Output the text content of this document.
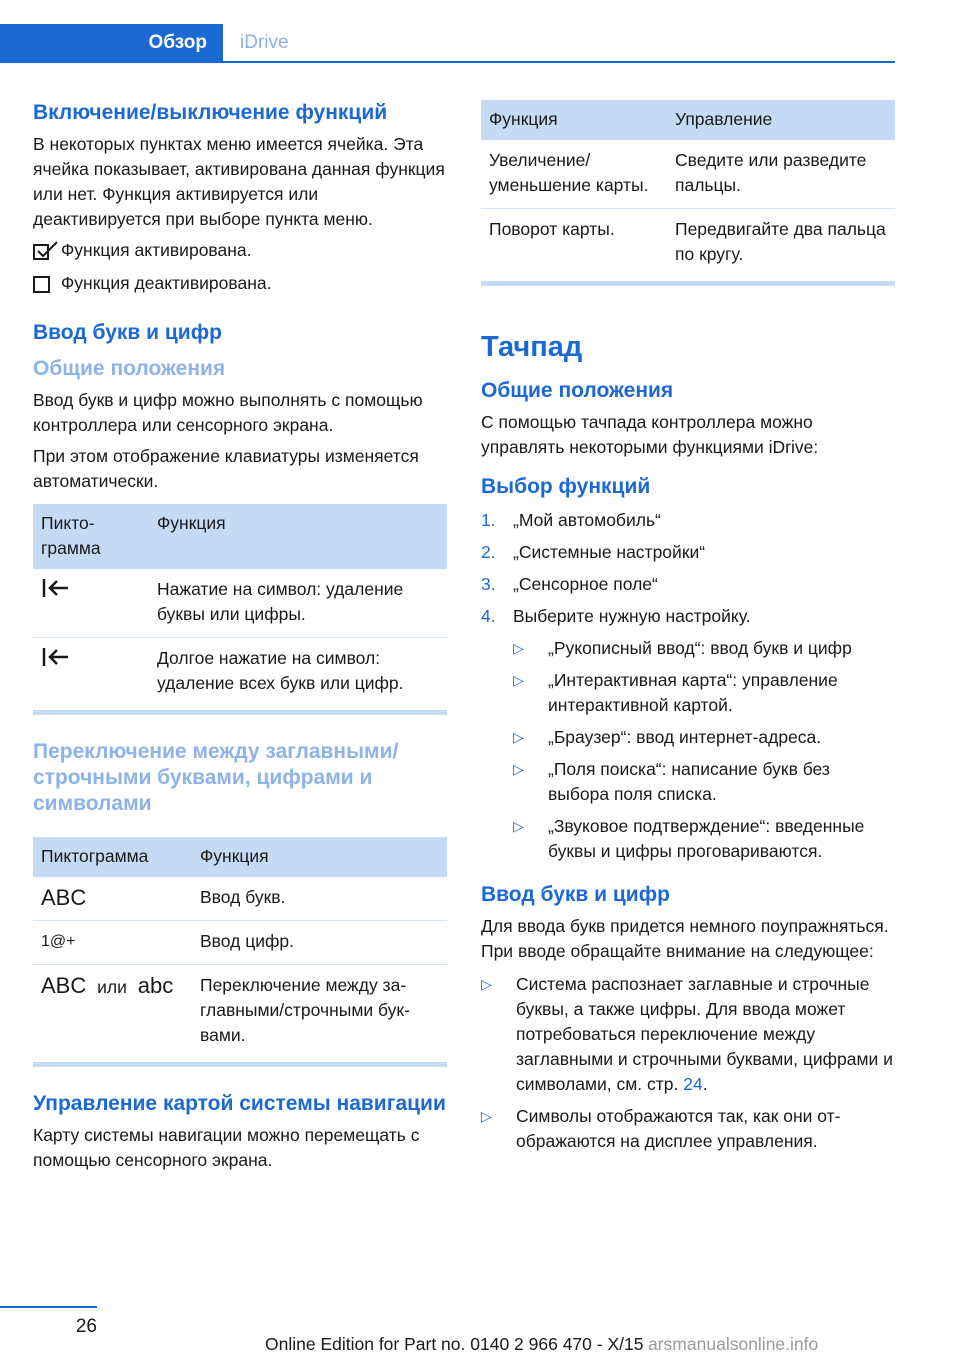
Обзор	iDrive
Включение/выключение функций

В некоторых пунктах меню имеется ячейка. Эта ячейка показывает, активирована данная функция или нет. Функция активируется или деактивируется при выборе пункта меню.

Функция активирована.
Функция деактивирована.
Ввод букв и цифр
Общие положения

Ввод букв и цифр можно выполнять с помощью контроллера или сенсорного экрана.

При этом отображение клавиатуры изменяется автоматически.

Пиктограмма	Функция
	Нажатие на символ: удаление буквы или цифры.
	Долгое нажатие на символ: удаление всех букв или цифр.
Переключение между заглавными/строчными буквами, цифрами и символами
Пиктограмма	Функция
ABC	Ввод букв.
1@+	Ввод цифр.
ABC или abc	Переключение между заглавными/строчными буквами.
Управление картой системы навигации

Карту системы навигации можно перемещать с помощью сенсорного экрана.

Функция	Управление
Увеличение/уменьшение карты.	Сведите или разведите пальцы.
Поворот карты.	Передвигайте два пальца по кругу.
Тачпад
Общие положения

С помощью тачпада контроллера можно управлять некоторыми функциями iDrive:

Выбор функций
1. „Мой автомобиль“
2. „Системные настройки“
3. „Сенсорное поле“
4. Выберите нужную настройку.
▷	„Рукописный ввод“: ввод букв и цифр
▷	„Интерактивная карта“: управление интерактивной картой.
▷	„Браузер“: ввод интернет-адреса.
▷	„Поля поиска“: написание букв без выбора поля списка.
▷	„Звуковое подтверждение“: введенные буквы и цифры проговариваются.
Ввод букв и цифр

Для ввода букв придется немного поупражняться. При вводе обращайте внимание на следующее:

▷	Система распознает заглавные и строчные буквы, а также цифры. Для ввода может потребоваться переключение между заглавными и строчными буквами, цифрами и символами, см. стр. 24.
▷	Символы отображаются так, как они отображаются на дисплее управления.
26
Online Edition for Part no. 0140 2 966 470 - X/15 arsmanualsonline.info
